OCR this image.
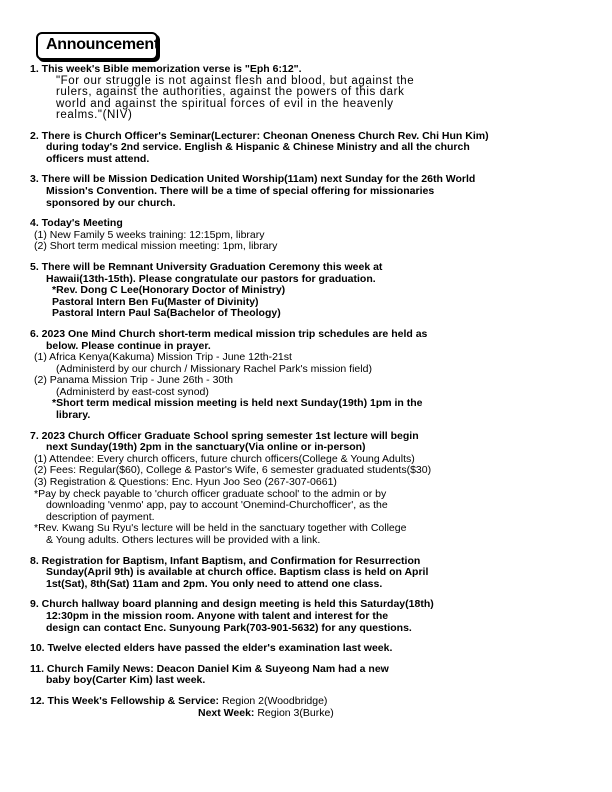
Announcement
1. This week's Bible memorization verse is "Eph 6:12".
"For our struggle is not against flesh and blood, but against the
rulers, against the authorities, against the powers of this dark
world and against the spiritual forces of evil in the heavenly
realms."(NIV)
2. There is Church Officer's Seminar(Lecturer: Cheonan Oneness Church Rev. Chi Hun Kim)
during today's 2nd service. English & Hispanic & Chinese Ministry and all the church
officers must attend.
3. There will be Mission Dedication United Worship(11am) next Sunday for the 26th World
Mission's Convention. There will be a time of special offering for missionaries
sponsored by our church.
4. Today's Meeting
(1) New Family 5 weeks training: 12:15pm, library
(2) Short term medical mission meeting: 1pm, library
5. There will be Remnant University Graduation Ceremony this week at
Hawaii(13th-15th). Please congratulate our pastors for graduation.
*Rev. Dong C Lee(Honorary Doctor of Ministry)
Pastoral Intern Ben Fu(Master of Divinity)
Pastoral Intern Paul Sa(Bachelor of Theology)
6. 2023 One Mind Church short-term medical mission trip schedules are held as
below. Please continue in prayer.
(1) Africa Kenya(Kakuma) Mission Trip - June 12th-21st
(Administerd by our church / Missionary Rachel Park's mission field)
(2) Panama Mission Trip - June 26th - 30th
(Administerd by east-cost synod)
*Short term medical mission meeting is held next Sunday(19th) 1pm in the
library.
7. 2023 Church Officer Graduate School spring semester 1st lecture will begin
next Sunday(19th) 2pm in the sanctuary(Via online or in-person)
(1) Attendee: Every church officers, future church officers(College & Young Adults)
(2) Fees: Regular($60), College & Pastor's Wife, 6 semester graduated students($30)
(3) Registration & Questions: Enc. Hyun Joo Seo (267-307-0661)
*Pay by check payable to 'church officer graduate school' to the admin or by
downloading 'venmo' app, pay to account 'Onemind-Churchofficer', as the
description of payment.
*Rev. Kwang Su Ryu's lecture will be held in the sanctuary together with College
& Young adults. Others lectures will be provided with a link.
8. Registration for Baptism, Infant Baptism, and Confirmation for Resurrection
Sunday(April 9th) is available at church office. Baptism class is held on April
1st(Sat), 8th(Sat) 11am and 2pm. You only need to attend one class.
9. Church hallway board planning and design meeting is held this Saturday(18th)
12:30pm in the mission room. Anyone with talent and interest for the
design can contact Enc. Sunyoung Park(703-901-5632) for any questions.
10. Twelve elected elders have passed the elder's examination last week.
11. Church Family News: Deacon Daniel Kim & Suyeong Nam had a new
baby boy(Carter Kim) last week.
12. This Week's Fellowship & Service: Region 2(Woodbridge)
Next Week: Region 3(Burke)
